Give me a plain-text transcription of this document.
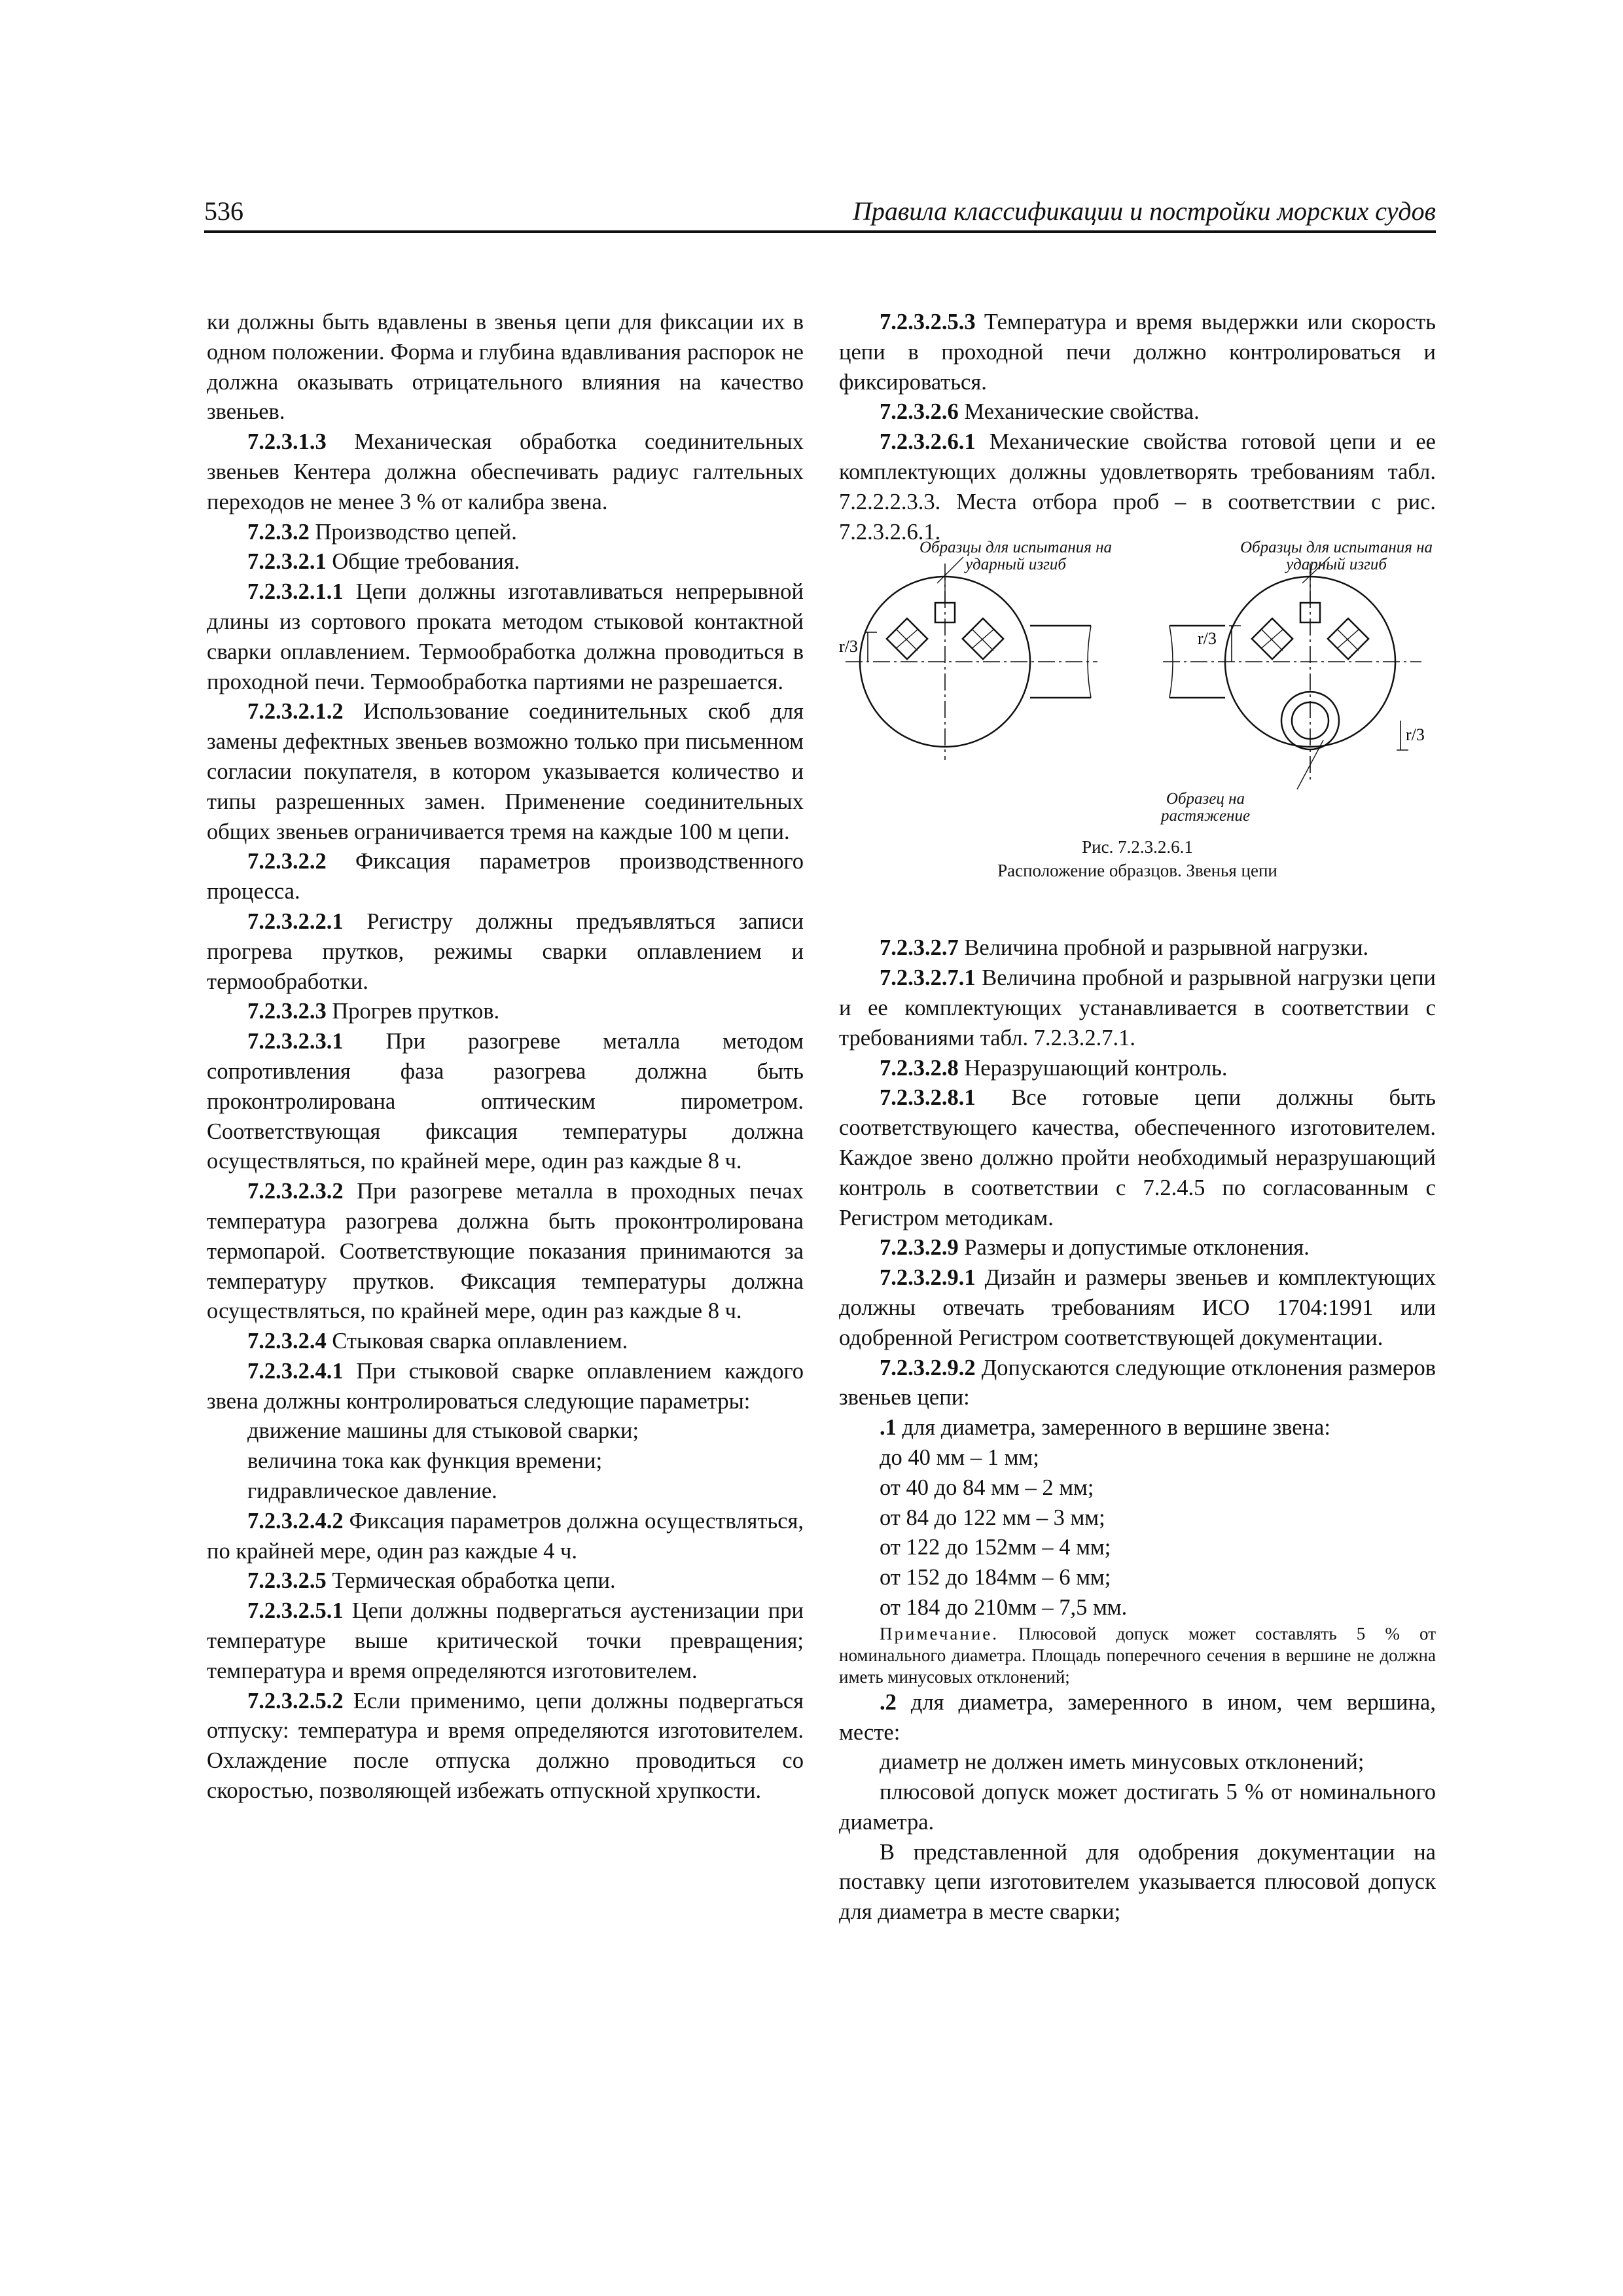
536	Правила классификации и постройки морских судов

ки должны быть вдавлены в звенья цепи для фиксации их в одном положении. Форма и глубина вдавливания распорок не должна оказывать отрицательного влияния на качество звеньев.

7.2.3.1.3 Механическая обработка соединительных звеньев Кентера должна обеспечивать радиус галтельных переходов не менее 3 % от калибра звена.

7.2.3.2 Производство цепей.

7.2.3.2.1 Общие требования.

7.2.3.2.1.1 Цепи должны изготавливаться непрерывной длины из сортового проката методом стыковой контактной сварки оплавлением. Термообработка должна проводиться в проходной печи. Термообработка партиями не разрешается.

7.2.3.2.1.2 Использование соединительных скоб для замены дефектных звеньев возможно только при письменном согласии покупателя, в котором указывается количество и типы разрешенных замен. Применение соединительных общих звеньев ограничивается тремя на каждые 100 м цепи.

7.2.3.2.2 Фиксация параметров производственного процесса.

7.2.3.2.2.1 Регистру должны предъявляться записи прогрева прутков, режимы сварки оплавлением и термообработки.

7.2.3.2.3 Прогрев прутков.

7.2.3.2.3.1 При разогреве металла методом сопротивления фаза разогрева должна быть проконтролирована оптическим пирометром. Соответствующая фиксация температуры должна осуществляться, по крайней мере, один раз каждые 8 ч.

7.2.3.2.3.2 При разогреве металла в проходных печах температура разогрева должна быть проконтролирована термопарой. Соответствующие показания принимаются за температуру прутков. Фиксация температуры должна осуществляться, по крайней мере, один раз каждые 8 ч.

7.2.3.2.4 Стыковая сварка оплавлением.

7.2.3.2.4.1 При стыковой сварке оплавлением каждого звена должны контролироваться следующие параметры:

движение машины для стыковой сварки;

величина тока как функция времени;

гидравлическое давление.

7.2.3.2.4.2 Фиксация параметров должна осуществляться, по крайней мере, один раз каждые 4 ч.

7.2.3.2.5 Термическая обработка цепи.

7.2.3.2.5.1 Цепи должны подвергаться аустенизации при температуре выше критической точки превращения; температура и время определяются изготовителем.

7.2.3.2.5.2 Если применимо, цепи должны подвергаться отпуску: температура и время определяются изготовителем. Охлаждение после отпуска должно проводиться со скоростью, позволяющей избежать отпускной хрупкости.

7.2.3.2.5.3 Температура и время выдержки или скорость цепи в проходной печи должно контролироваться и фиксироваться.

7.2.3.2.6 Механические свойства.

7.2.3.2.6.1 Механические свойства готовой цепи и ее комплектующих должны удовлетворять требованиям табл. 7.2.2.2.3.3. Места отбора проб – в соответствии с рис. 7.2.3.2.6.1.

r/3	r/3
r/3
Образцы для испытания на ударный изгиб
Образцы для испытания на ударный изгиб
Образец на растяжение
Рис. 7.2.3.2.6.1
Расположение образцов. Звенья цепи

7.2.3.2.7 Величина пробной и разрывной нагрузки.

7.2.3.2.7.1 Величина пробной и разрывной нагрузки цепи и ее комплектующих устанавливается в соответствии с требованиями табл. 7.2.3.2.7.1.

7.2.3.2.8 Неразрушающий контроль.

7.2.3.2.8.1 Все готовые цепи должны быть соответствующего качества, обеспеченного изготовителем. Каждое звено должно пройти необходимый неразрушающий контроль в соответствии с 7.2.4.5 по согласованным с Регистром методикам.

7.2.3.2.9 Размеры и допустимые отклонения.

7.2.3.2.9.1 Дизайн и размеры звеньев и комплектующих должны отвечать требованиям ИСО 1704:1991 или одобренной Регистром соответствующей документации.

7.2.3.2.9.2 Допускаются следующие отклонения размеров звеньев цепи:

.1 для диаметра, замеренного в вершине звена:

до 40 мм – 1 мм;

от 40 до 84 мм – 2 мм;

от 84 до 122 мм – 3 мм;

от 122 до 152мм – 4 мм;

от 152 до 184мм – 6 мм;

от 184 до 210мм – 7,5 мм.

Примечание. Плюсовой допуск может составлять 5 % от номинального диаметра. Площадь поперечного сечения в вершине не должна иметь минусовых отклонений;

.2 для диаметра, замеренного в ином, чем вершина, месте:

диаметр не должен иметь минусовых отклонений;

плюсовой допуск может достигать 5 % от номинального диаметра.

В представленной для одобрения документации на поставку цепи изготовителем указывается плюсовой допуск для диаметра в месте сварки;
